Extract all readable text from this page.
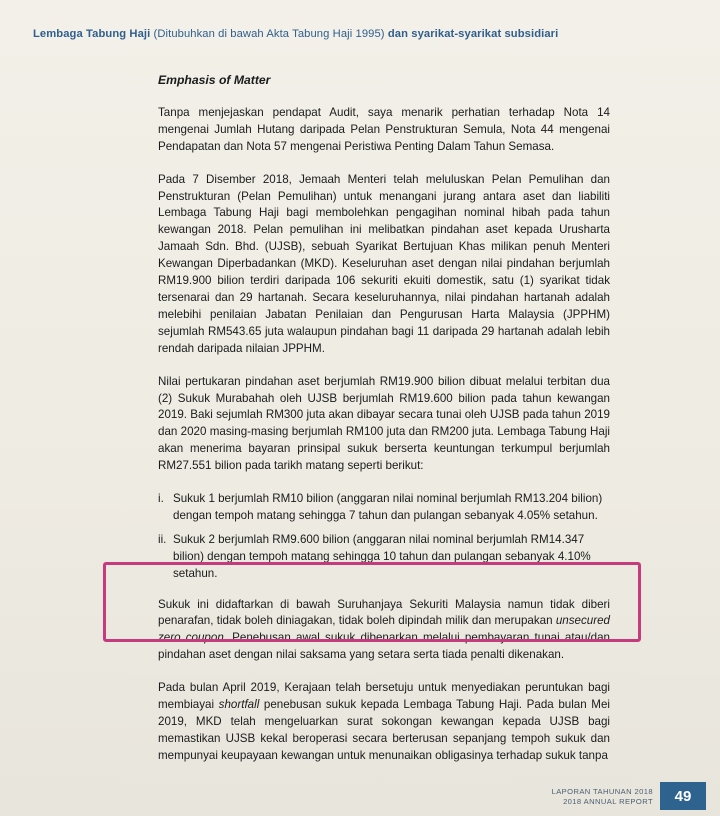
Lembaga Tabung Haji (Ditubuhkan di bawah Akta Tabung Haji 1995) dan syarikat-syarikat subsidiari
Emphasis of Matter

Tanpa menjejaskan pendapat Audit, saya menarik perhatian terhadap Nota 14 mengenai Jumlah Hutang daripada Pelan Penstrukturan Semula, Nota 44 mengenai Pendapatan dan Nota 57 mengenai Peristiwa Penting Dalam Tahun Semasa.

Pada 7 Disember 2018, Jemaah Menteri telah meluluskan Pelan Pemulihan dan Penstrukturan (Pelan Pemulihan) untuk menangani jurang antara aset dan liabiliti Lembaga Tabung Haji bagi membolehkan pengagihan nominal hibah pada tahun kewangan 2018. Pelan pemulihan ini melibatkan pindahan aset kepada Urusharta Jamaah Sdn. Bhd. (UJSB), sebuah Syarikat Bertujuan Khas milikan penuh Menteri Kewangan Diperbadankan (MKD). Keseluruhan aset dengan nilai pindahan berjumlah RM19.900 bilion terdiri daripada 106 sekuriti ekuiti domestik, satu (1) syarikat tidak tersenarai dan 29 hartanah. Secara keseluruhannya, nilai pindahan hartanah adalah melebihi penilaian Jabatan Penilaian dan Pengurusan Harta Malaysia (JPPHM) sejumlah RM543.65 juta walaupun pindahan bagi 11 daripada 29 hartanah adalah lebih rendah daripada nilaian JPPHM.

Nilai pertukaran pindahan aset berjumlah RM19.900 bilion dibuat melalui terbitan dua (2) Sukuk Murabahah oleh UJSB berjumlah RM19.600 bilion pada tahun kewangan 2019. Baki sejumlah RM300 juta akan dibayar secara tunai oleh UJSB pada tahun 2019 dan 2020 masing-masing berjumlah RM100 juta dan RM200 juta. Lembaga Tabung Haji akan menerima bayaran prinsipal sukuk berserta keuntungan terkumpul berjumlah RM27.551 bilion pada tarikh matang seperti berikut:

i. Sukuk 1 berjumlah RM10 bilion (anggaran nilai nominal berjumlah RM13.204 bilion) dengan tempoh matang sehingga 7 tahun dan pulangan sebanyak 4.05% setahun.
ii. Sukuk 2 berjumlah RM9.600 bilion (anggaran nilai nominal berjumlah RM14.347 bilion) dengan tempoh matang sehingga 10 tahun dan pulangan sebanyak 4.10% setahun.

Sukuk ini didaftarkan di bawah Suruhanjaya Sekuriti Malaysia namun tidak diberi penarafan, tidak boleh diniagakan, tidak boleh dipindah milik dan merupakan unsecured zero coupon. Penebusan awal sukuk dibenarkan melalui pembayaran tunai atau/dan pindahan aset dengan nilai saksama yang setara serta tiada penalti dikenakan.

Pada bulan April 2019, Kerajaan telah bersetuju untuk menyediakan peruntukan bagi membiayai shortfall penebusan sukuk kepada Lembaga Tabung Haji. Pada bulan Mei 2019, MKD telah mengeluarkan surat sokongan kewangan kepada UJSB bagi memastikan UJSB kekal beroperasi secara berterusan sepanjang tempoh sukuk dan mempunyai keupayaan kewangan untuk menunaikan obligasinya terhadap sukuk tanpa

LAPORAN TAHUNAN 2018
2018 ANNUAL REPORT	49
